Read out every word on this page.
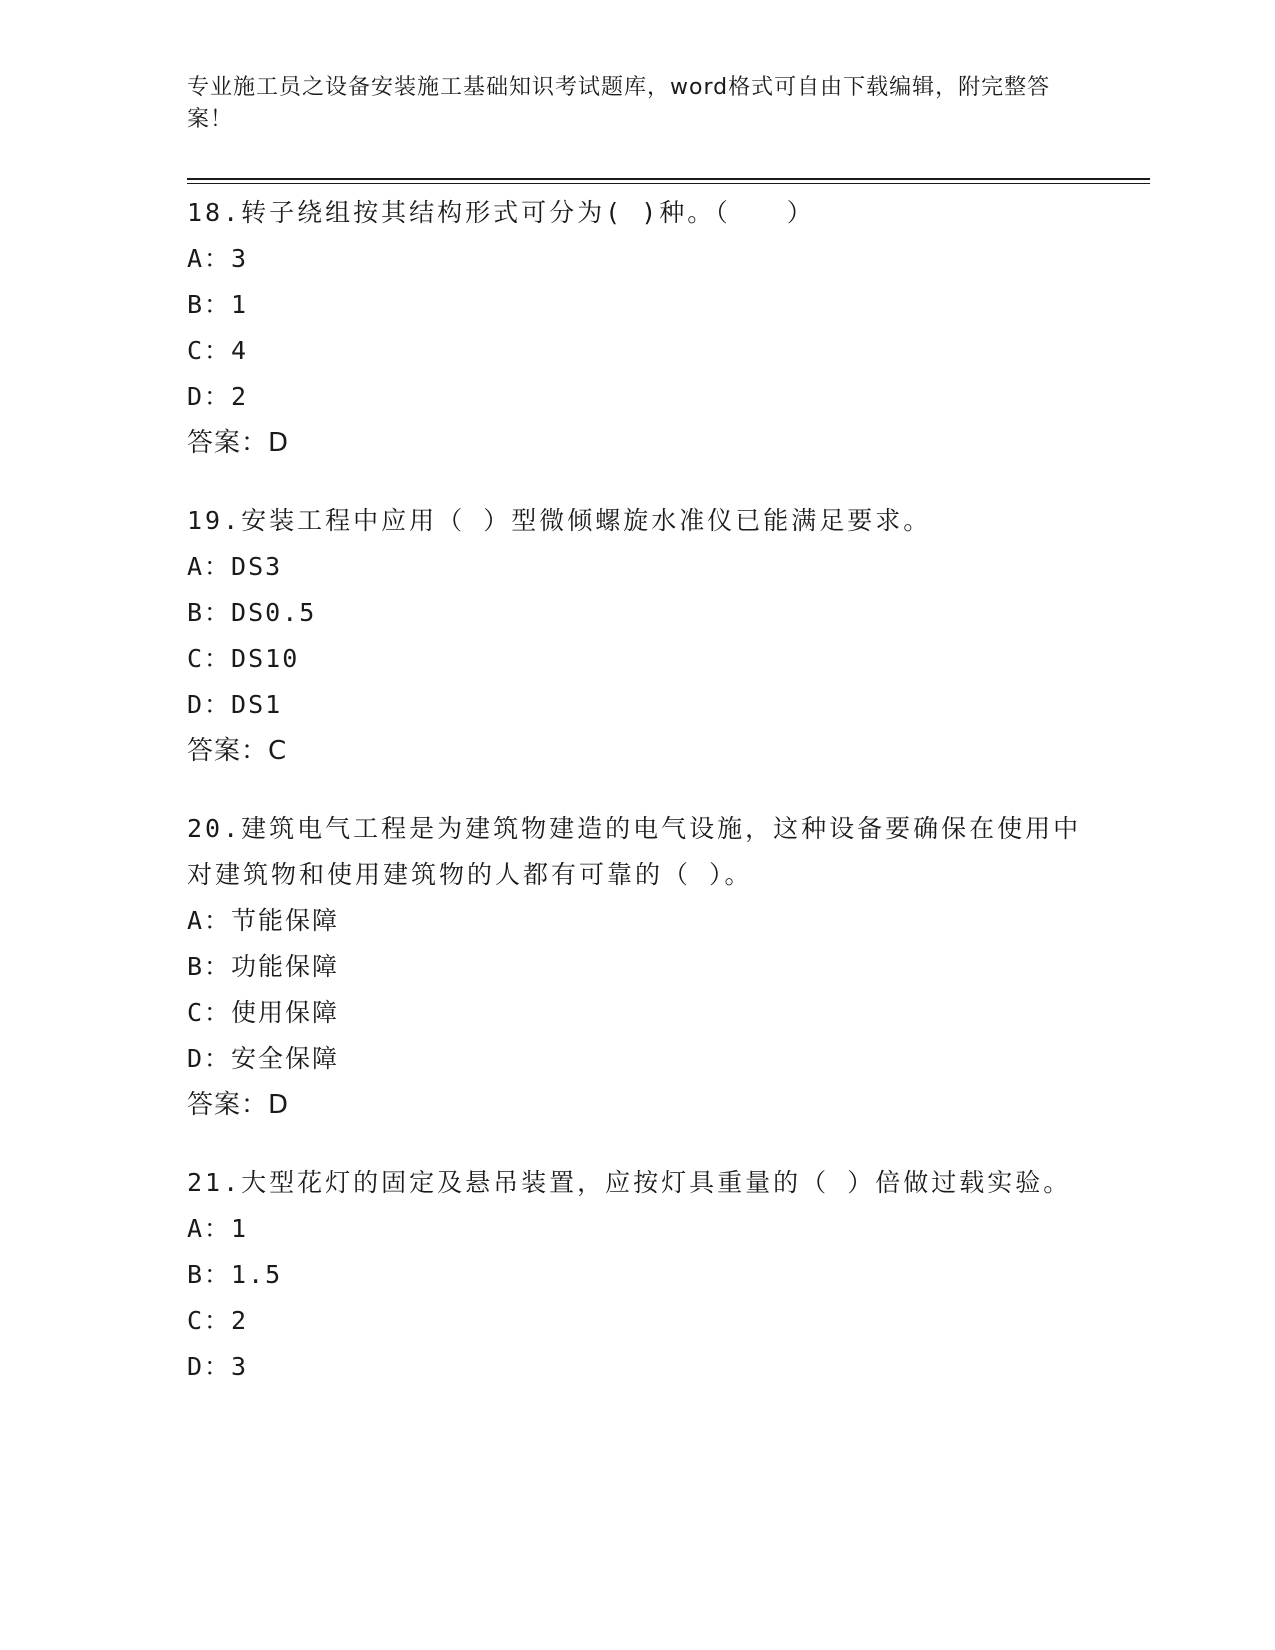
专业施工员之设备安装施工基础知识考试题库，word格式可自由下载编辑，附完整答案！

18.转子绕组按其结构形式可分为( )种。（　　）

A：3

B：1

C：4

D：2

答案：D

19.安装工程中应用（ ）型微倾螺旋水准仪已能满足要求。

A：DS3

B：DS0.5

C：DS10

D：DS1

答案：C

20.建筑电气工程是为建筑物建造的电气设施，这种设备要确保在使用中对建筑物和使用建筑物的人都有可靠的（ ）。

A：节能保障

B：功能保障

C：使用保障

D：安全保障

答案：D

21.大型花灯的固定及悬吊装置，应按灯具重量的（ ）倍做过载实验。

A：1

B：1.5

C：2

D：3
